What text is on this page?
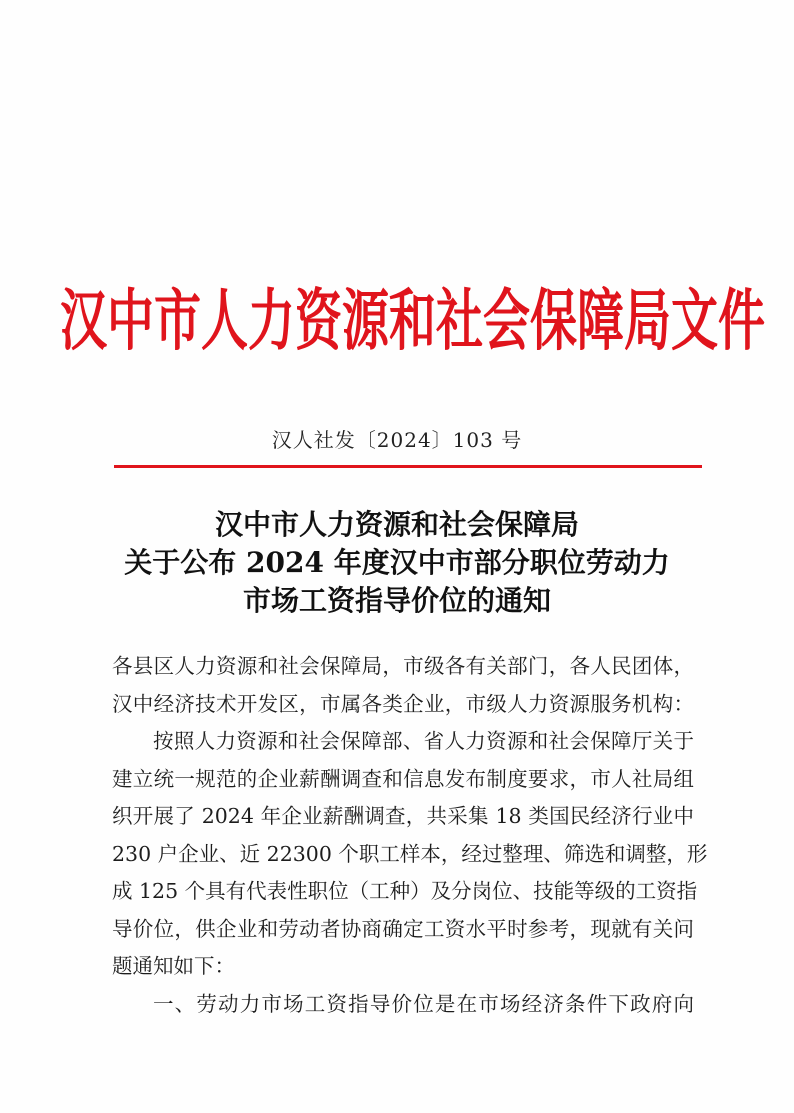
汉中市人力资源和社会保障局文件
汉人社发〔2024〕103 号
汉中市人力资源和社会保障局
关于公布 2024 年度汉中市部分职位劳动力
市场工资指导价位的通知
各县区人力资源和社会保障局，市级各有关部门，各人民团体，
汉中经济技术开发区，市属各类企业，市级人力资源服务机构：
按照人力资源和社会保障部、省人力资源和社会保障厅关于
建立统一规范的企业薪酬调查和信息发布制度要求，市人社局组
织开展了 2024 年企业薪酬调查，共采集 18 类国民经济行业中
230 户企业、近 22300 个职工样本，经过整理、筛选和调整，形
成 125 个具有代表性职位（工种）及分岗位、技能等级的工资指
导价位，供企业和劳动者协商确定工资水平时参考，现就有关问
题通知如下：
一、劳动力市场工资指导价位是在市场经济条件下政府向
